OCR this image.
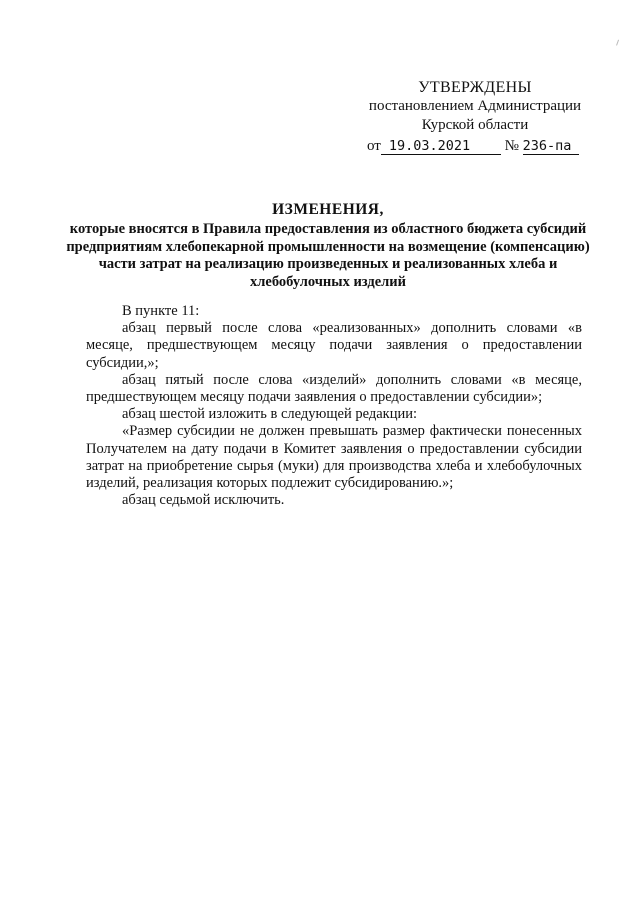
УТВЕРЖДЕНЫ
постановлением Администрации
Курской области
от 19.03.2021 № 236-па
ИЗМЕНЕНИЯ,
которые вносятся в Правила предоставления из областного бюджета субсидий предприятиям хлебопекарной промышленности на возмещение (компенсацию) части затрат на реализацию произведенных и реализованных хлеба и хлебобулочных изделий

В пункте 11:

абзац первый после слова «реализованных» дополнить словами «в месяце, предшествующем месяцу подачи заявления о предоставлении субсидии,»;

абзац пятый после слова «изделий» дополнить словами «в месяце, предшествующем месяцу подачи заявления о предоставлении субсидии»;

абзац шестой изложить в следующей редакции:

«Размер субсидии не должен превышать размер фактически понесенных Получателем на дату подачи в Комитет заявления о предоставлении субсидии затрат на приобретение сырья (муки) для производства хлеба и хлебобулочных изделий, реализация которых подлежит субсидированию.»;

абзац седьмой исключить.
